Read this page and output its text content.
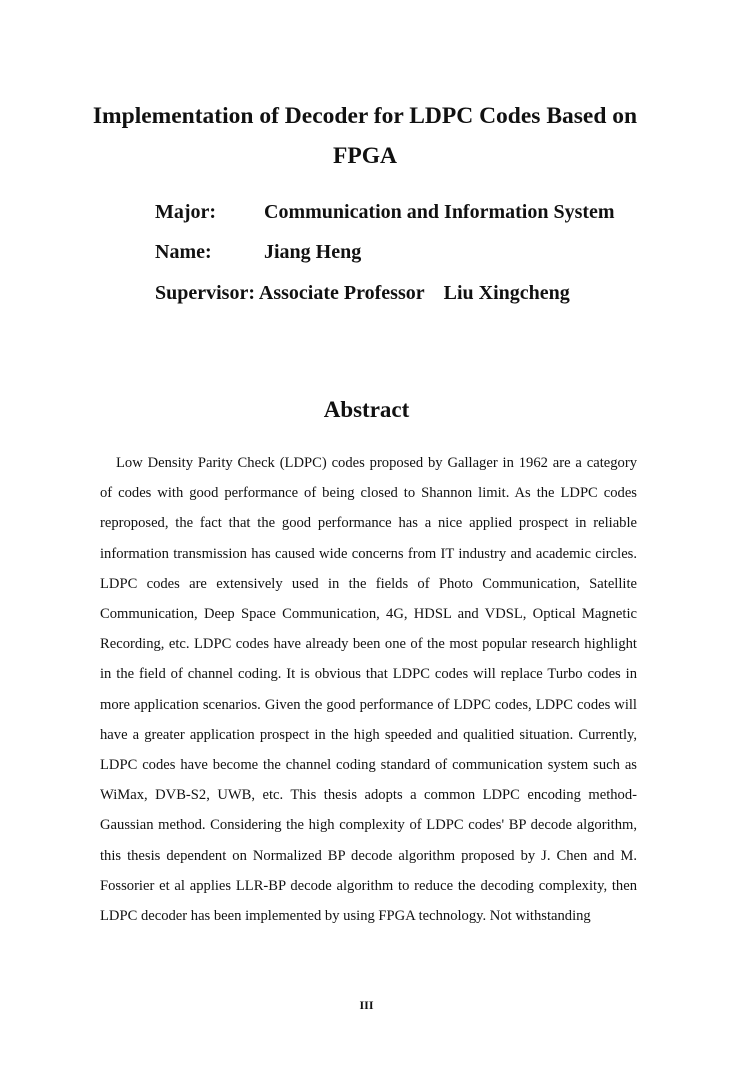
Implementation of Decoder for LDPC Codes Based on FPGA
Major: Communication and Information System
Name:	Jiang Heng
Supervisor: Associate Professor Liu Xingcheng
Abstract

Low Density Parity Check (LDPC) codes proposed by Gallager in 1962 are a category of codes with good performance of being closed to Shannon limit. As the LDPC codes reproposed, the fact that the good performance has a nice applied prospect in reliable information transmission has caused wide concerns from IT industry and academic circles. LDPC codes are extensively used in the fields of Photo Communication, Satellite Communication, Deep Space Communication, 4G, HDSL and VDSL, Optical Magnetic Recording, etc. LDPC codes have already been one of the most popular research highlight in the field of channel coding. It is obvious that LDPC codes will replace Turbo codes in more application scenarios. Given the good performance of LDPC codes, LDPC codes will have a greater application prospect in the high speeded and qualitied situation. Currently, LDPC codes have become the channel coding standard of communication system such as WiMax, DVB-S2, UWB, etc. This thesis adopts a common LDPC encoding method-Gaussian method. Considering the high complexity of LDPC codes' BP decode algorithm, this thesis dependent on Normalized BP decode algorithm proposed by J. Chen and M. Fossorier et al applies LLR-BP decode algorithm to reduce the decoding complexity, then LDPC decoder has been implemented by using FPGA technology. Not withstanding

III
